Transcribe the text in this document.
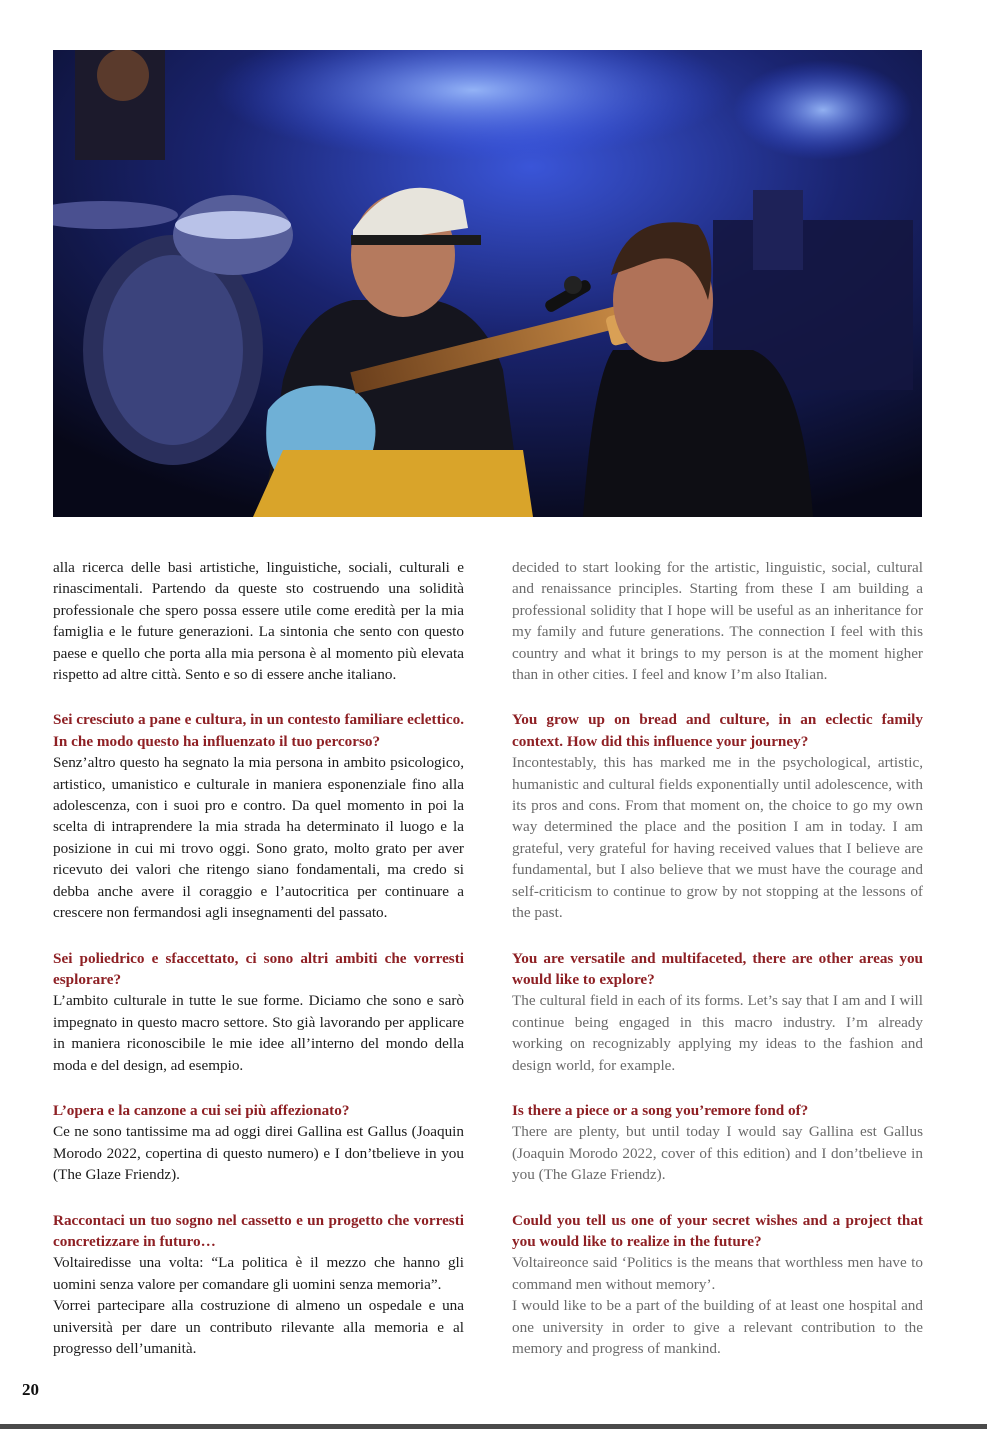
alla ricerca delle basi artistiche, linguistiche, sociali, culturali e rinascimentali. Partendo da queste sto costruendo una solidità professionale che spero possa essere utile come eredità per la mia famiglia e le future generazioni. La sintonia che sento con questo paese e quello che porta alla mia persona è al momento più elevata rispetto ad altre città. Sento e so di essere anche italiano.

Sei cresciuto a pane e cultura, in un contesto familiare eclettico. In che modo questo ha influenzato il tuo percorso?

Senz’altro questo ha segnato la mia persona in ambito psicologico, artistico, umanistico e culturale in maniera esponenziale fino alla adolescenza, con i suoi pro e contro. Da quel momento in poi la scelta di intraprendere la mia strada ha determinato il luogo e la posizione in cui mi trovo oggi. Sono grato, molto grato per aver ricevuto dei valori che ritengo siano fondamentali, ma credo si debba anche avere il coraggio e l’autocritica per continuare a crescere non fermandosi agli insegnamenti del passato.

Sei poliedrico e sfaccettato, ci sono altri ambiti che vorresti esplorare?

L’ambito culturale in tutte le sue forme. Diciamo che sono e sarò impegnato in questo macro settore. Sto già lavorando per applicare in maniera riconoscibile le mie idee all’interno del mondo della moda e del design, ad esempio.

L’opera e la canzone a cui sei più affezionato?

Ce ne sono tantissime ma ad oggi direi Gallina est Gallus (Joaquin Morodo 2022, copertina di questo numero) e I don’tbelieve in you (The Glaze Friendz).

Raccontaci un tuo sogno nel cassetto e un progetto che vorresti concretizzare in futuro…

Voltairedisse una volta: “La politica è il mezzo che hanno gli uomini senza valore per comandare gli uomini senza memoria”.

Vorrei partecipare alla costruzione di almeno un ospedale e una università per dare un contributo rilevante alla memoria e al progresso dell’umanità.

decided to start looking for the artistic, linguistic, social, cultural and renaissance principles. Starting from these I am building a professional solidity that I hope will be useful as an inheritance for my family and future generations. The connection I feel with this country and what it brings to my person is at the moment higher than in other cities. I feel and know I’m also Italian.

You grow up on bread and culture, in an eclectic family context. How did this influence your journey?

Incontestably, this has marked me in the psychological, artistic, humanistic and cultural fields exponentially until adolescence, with its pros and cons. From that moment on, the choice to go my own way determined the place and the position I am in today. I am grateful, very grateful for having received values that I believe are fundamental, but I also believe that we must have the courage and self-criticism to continue to grow by not stopping at the lessons of the past.

You are versatile and multifaceted, there are other areas you would like to explore?

The cultural field in each of its forms. Let’s say that I am and I will continue being engaged in this macro industry. I’m already working on recognizably applying my ideas to the fashion and design world, for example.

Is there a piece or a song you’remore fond of?

There are plenty, but until today I would say Gallina est Gallus (Joaquin Morodo 2022, cover of this edition) and I don’tbelieve in you (The Glaze Friendz).

Could you tell us one of your secret wishes and a project that you would like to realize in the future?

Voltaireonce said ‘Politics is the means that worthless men have to command men without memory’.

I would like to be a part of the building of at least one hospital and one university in order to give a relevant contribution to the memory and progress of mankind.

20
